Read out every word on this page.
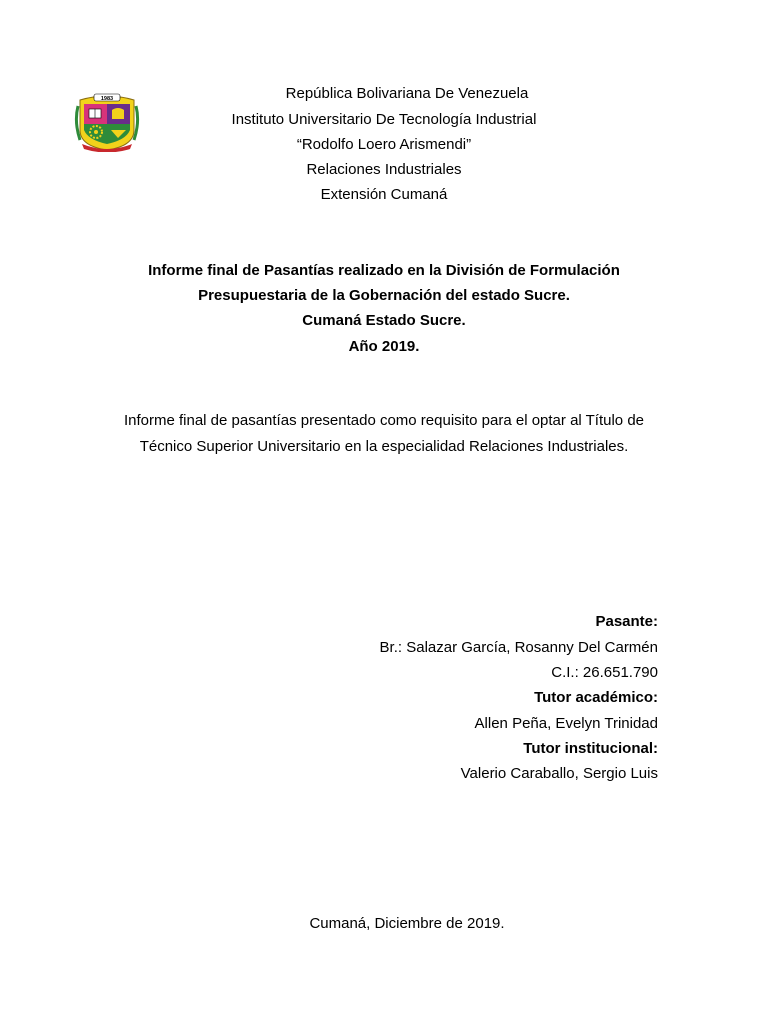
1983	República Bolivariana De Venezuela
Instituto Universitario De Tecnología Industrial
“Rodolfo Loero Arismendi”
Relaciones Industriales
Extensión Cumaná
Informe final de Pasantías realizado en la División de Formulación
Presupuestaria de la Gobernación del estado Sucre.
Cumaná Estado Sucre.
Año 2019.
Informe final de pasantías presentado como requisito para el optar al Título de
Técnico Superior Universitario en la especialidad Relaciones Industriales.
Pasante:
Br.: Salazar García, Rosanny Del Carmén
C.I.: 26.651.790
Tutor académico:
Allen Peña, Evelyn Trinidad
Tutor institucional:
Valerio Caraballo, Sergio Luis
Cumaná, Diciembre de 2019.
